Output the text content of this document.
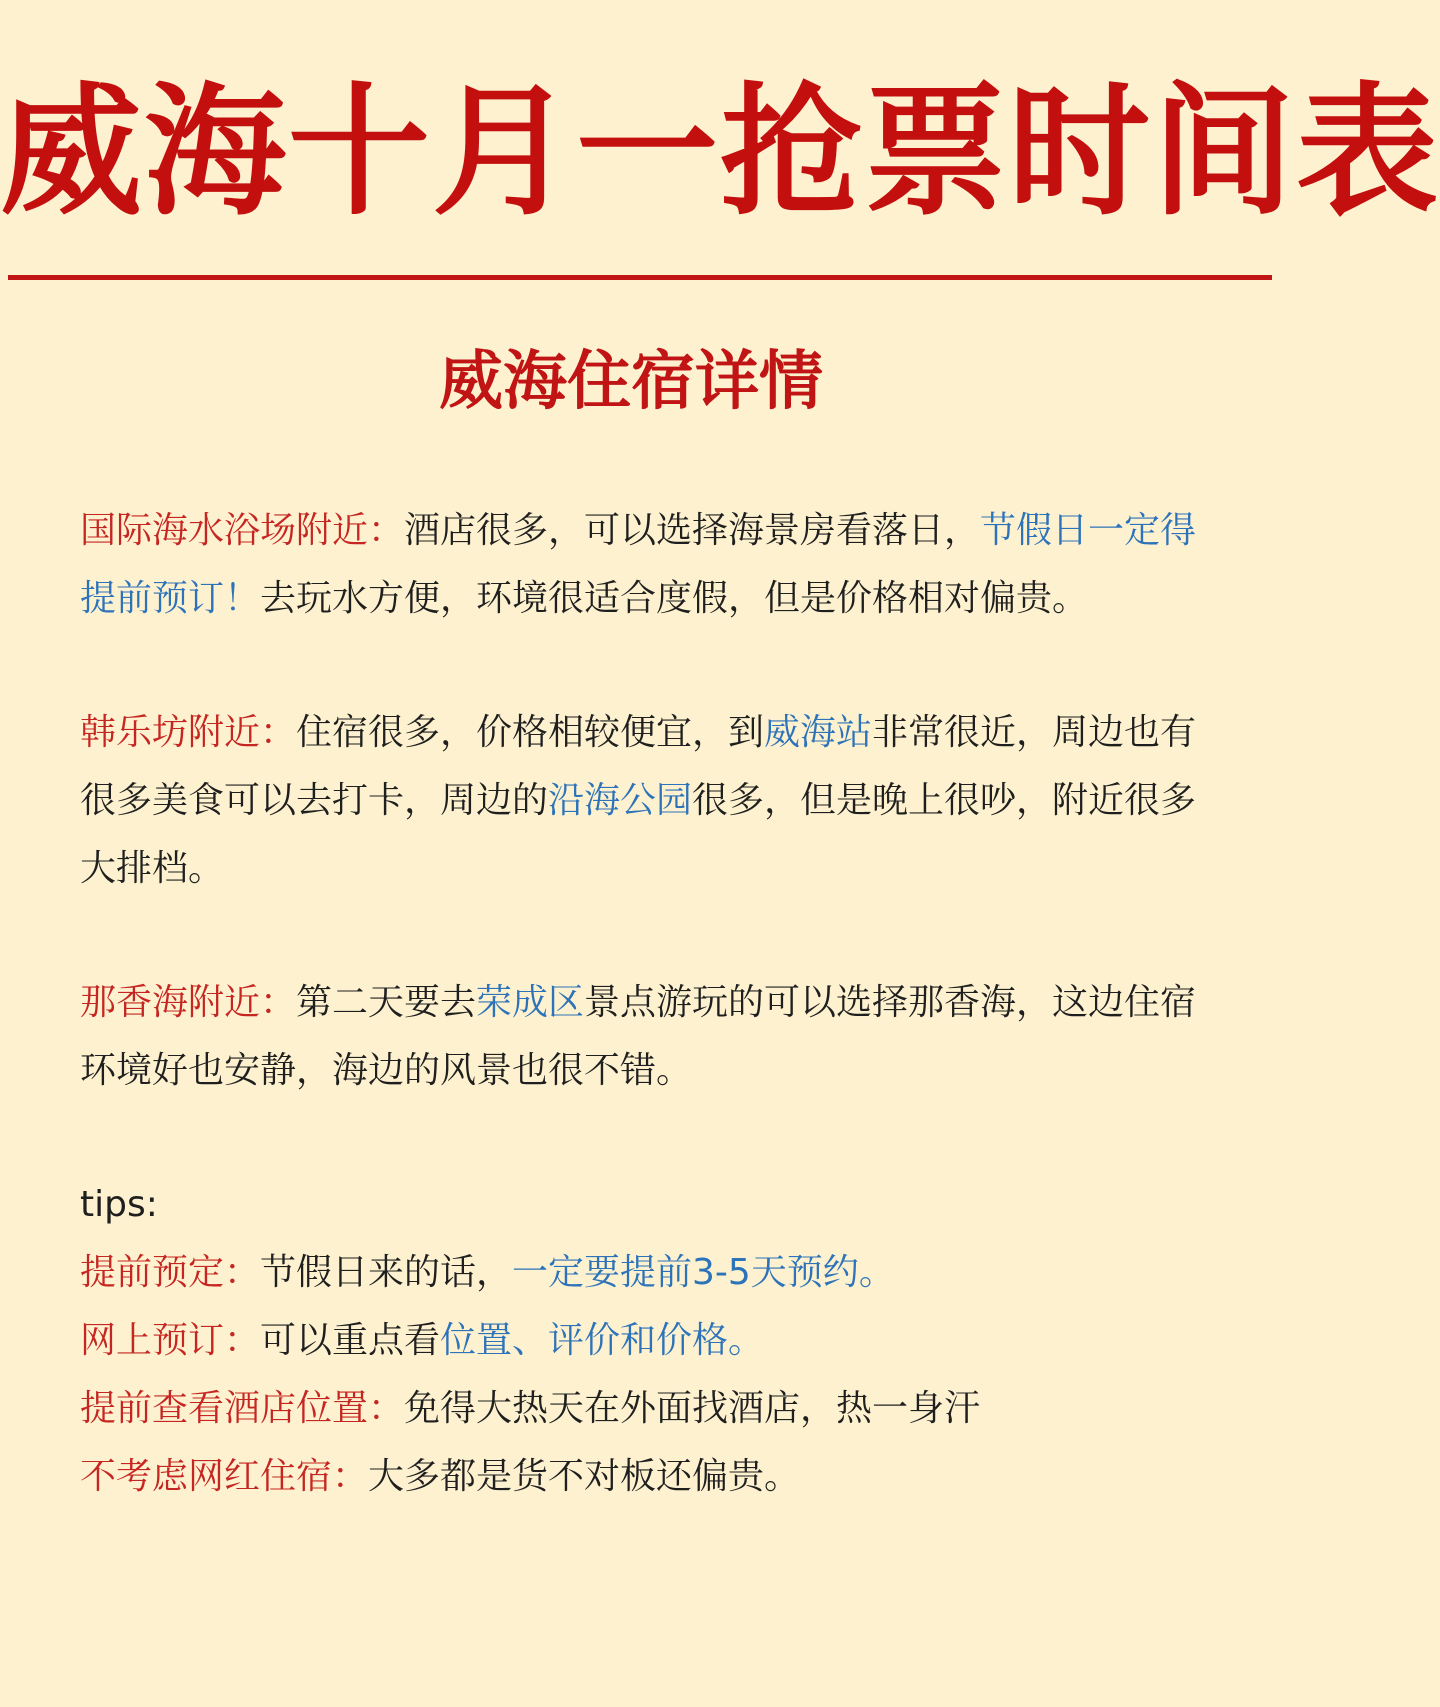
威海十月一抢票时间表
威海住宿详情

国际海水浴场附近：酒店很多，可以选择海景房看落日，节假日一定得提前预订！去玩水方便，环境很适合度假，但是价格相对偏贵。

韩乐坊附近：住宿很多，价格相较便宜，到威海站非常很近，周边也有很多美食可以去打卡，周边的沿海公园很多，但是晚上很吵，附近很多大排档。

那香海附近：第二天要去荣成区景点游玩的可以选择那香海，这边住宿环境好也安静，海边的风景也很不错。

tips:

提前预定：节假日来的话，一定要提前3-5天预约。

网上预订：可以重点看位置、评价和价格。

提前查看酒店位置：免得大热天在外面找酒店，热一身汗

不考虑网红住宿：大多都是货不对板还偏贵。
